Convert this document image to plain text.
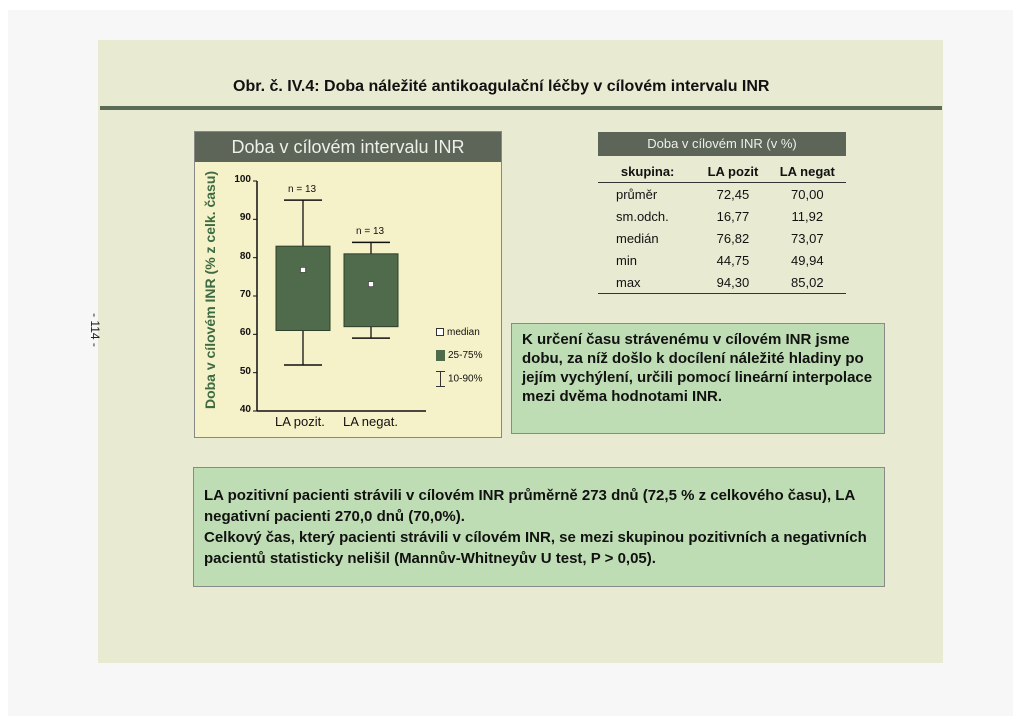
- 114 -
Obr. č. IV.4: Doba náležité antikoagulační léčby v cílovém intervalu INR
Doba v cílovém intervalu INR
Doba v cílovém INR (% z celk. času)	100
90
80
70
60
50
40
LA pozit. LA negat.
n = 13
n = 13
median
25-75%
10-90%
Doba v cílovém INR (v %)
skupina:	LA pozit	LA negat
průměr	72,45	70,00
sm.odch.	16,77	11,92
medián	76,82	73,07
min	44,75	49,94
max	94,30	85,02
K určení času strávenému v cílovém INR jsme dobu, za níž došlo k docílení náležité hladiny po jejím vychýlení, určili pomocí lineární interpolace mezi dvěma hodnotami INR.

LA pozitivní pacienti strávili v cílovém INR průměrně 273 dnů (72,5 % z celkového času), LA negativní pacienti 270,0 dnů (70,0%).

Celkový čas, který pacienti strávili v cílovém INR, se mezi skupinou pozitivních a negativních pacientů statisticky nelišil (Mannův-Whitneyův U test, P > 0,05).
